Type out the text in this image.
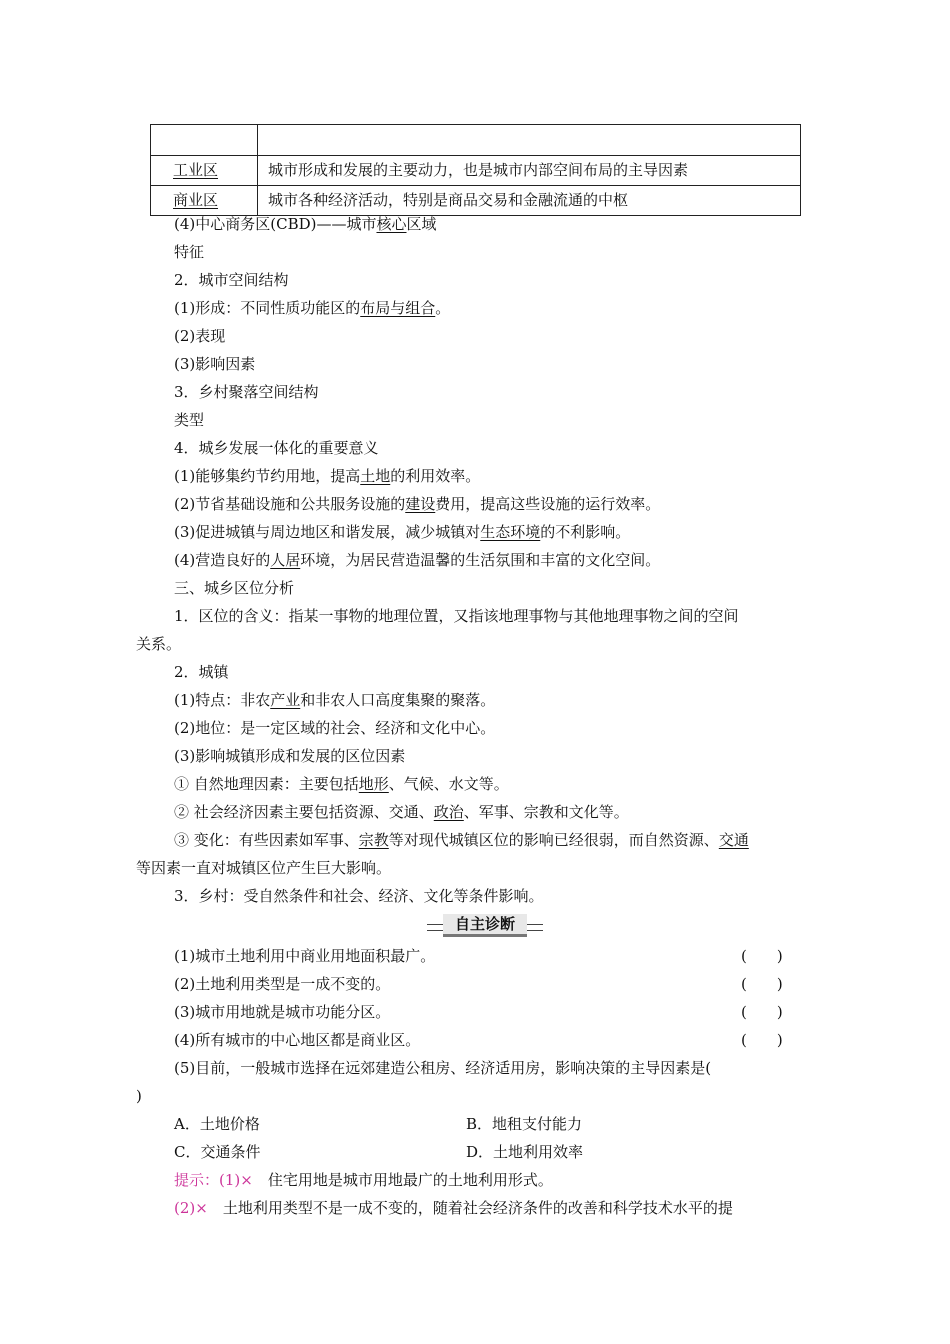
工业区	城市形成和发展的主要动力，也是城市内部空间布局的主导因素
商业区	城市各种经济活动，特别是商品交易和金融流通的中枢
(4)中心商务区(CBD)——城市核心区域
特征
2．城市空间结构
(1)形成：不同性质功能区的布局与组合。
(2)表现
(3)影响因素
3．乡村聚落空间结构
类型
4．城乡发展一体化的重要意义
(1)能够集约节约用地，提高土地的利用效率。
(2)节省基础设施和公共服务设施的建设费用，提高这些设施的运行效率。
(3)促进城镇与周边地区和谐发展，减少城镇对生态环境的不利影响。
(4)营造良好的人居环境，为居民营造温馨的生活氛围和丰富的文化空间。
三、城乡区位分析
1．区位的含义：指某一事物的地理位置，又指该地理事物与其他地理事物之间的空间
关系。
2．城镇
(1)特点：非农产业和非农人口高度集聚的聚落。
(2)地位：是一定区域的社会、经济和文化中心。
(3)影响城镇形成和发展的区位因素
① 自然地理因素：主要包括地形、气候、水文等。
② 社会经济因素主要包括资源、交通、政治、军事、宗教和文化等。
③ 变化：有些因素如军事、宗教等对现代城镇区位的影响已经很弱，而自然资源、交通
等因素一直对城镇区位产生巨大影响。
3．乡村：受自然条件和社会、经济、文化等条件影响。
自主诊断
(1)城市土地利用中商业用地面积最广。	(　　)
(2)土地利用类型是一成不变的。	(　　)
(3)城市用地就是城市功能分区。	(　　)
(4)所有城市的中心地区都是商业区。	(　　)
(5)目前，一般城市选择在远郊建造公租房、经济适用房，影响决策的主导因素是(
)
A．土地价格	B．地租支付能力
C．交通条件	D．土地利用效率
提示：(1)×　住宅用地是城市用地最广的土地利用形式。
(2)×　土地利用类型不是一成不变的，随着社会经济条件的改善和科学技术水平的提
